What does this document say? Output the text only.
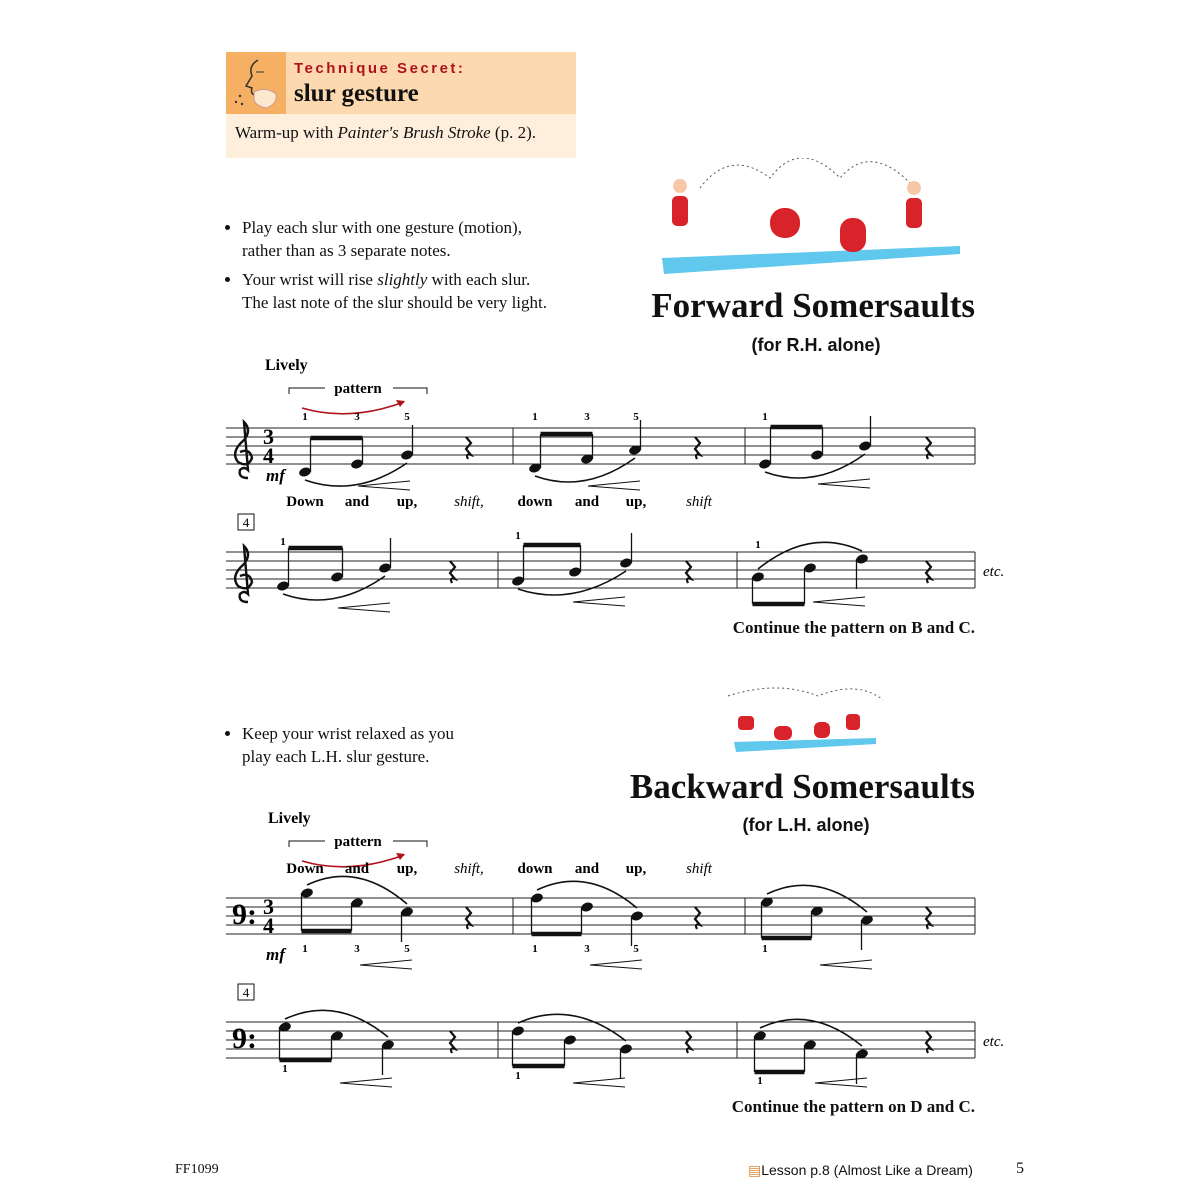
Technique Secret:
slur gesture
Warm-up with Painter's Brush Stroke (p. 2).
• Play each slur with one gesture (motion),
rather than as 3 separate notes.
• Your wrist will rise slightly with each slur.
The last note of the slur should be very light.	Forward Somersaults
(for R.H. alone)
Lively
pattern
3
4
mf
Down and up, shift, down and up,	shift
1	3	5	1	3	5	1
4
1	1
1
etc.
Lively
pattern
9: 3
4
mf
Down and up, shift, down and up,	shift
1	3	5	1	3	5	1
9:
4
1
1	1
etc.
Continue the pattern on B and C.
• Keep your wrist relaxed as you
play each L.H. slur gesture.
Backward Somersaults
(for L.H. alone)
Continue the pattern on D and C.
FF1099	▤Lesson p.8 (Almost Like a Dream)	5
